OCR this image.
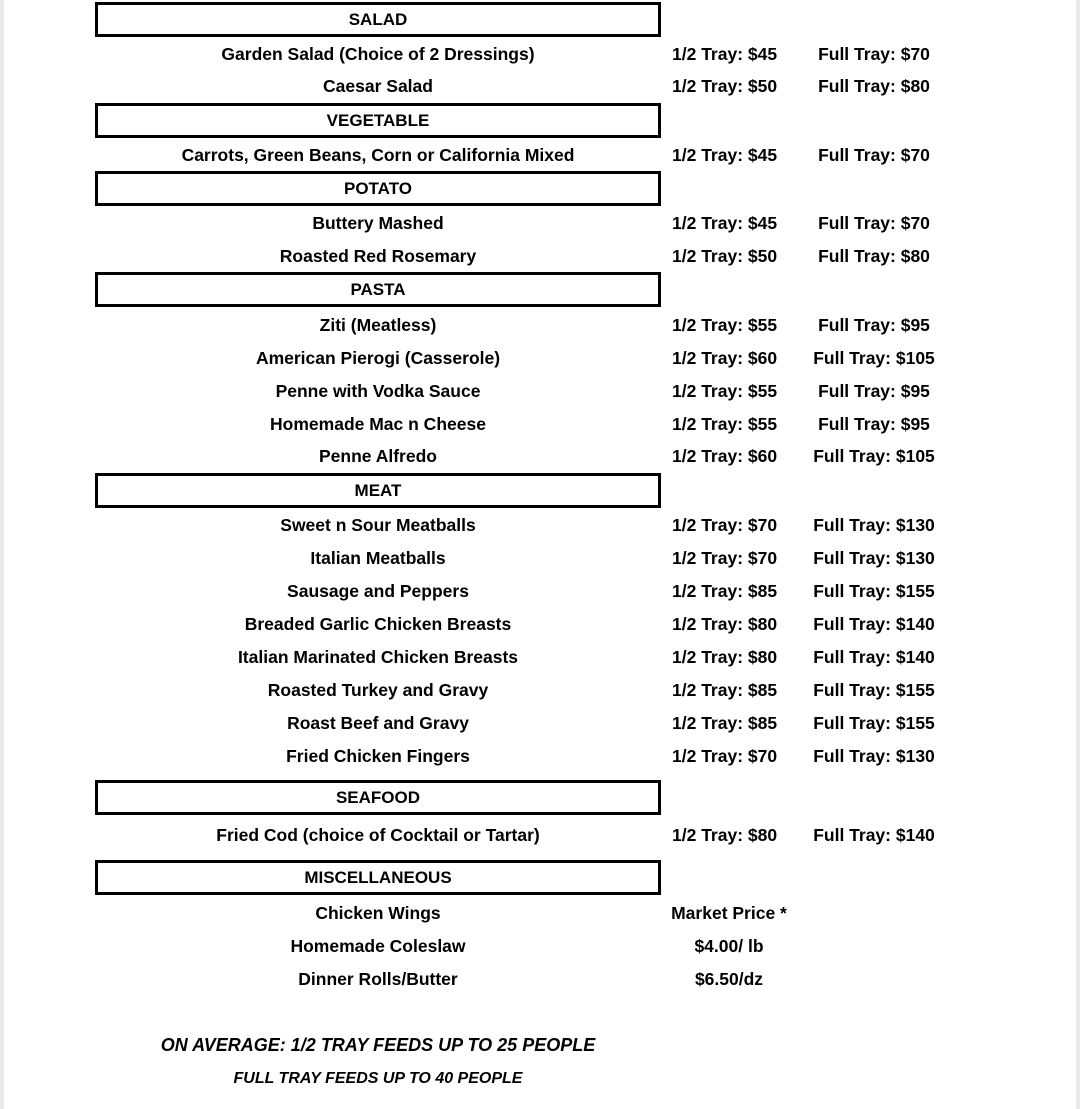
SALAD
Garden Salad (Choice of 2 Dressings)	1/2 Tray: $45	Full Tray: $70
Caesar Salad	1/2 Tray: $50	Full Tray: $80
VEGETABLE
Carrots, Green Beans, Corn or California Mixed	1/2 Tray: $45	Full Tray: $70
POTATO
Buttery Mashed	1/2 Tray: $45	Full Tray: $70
Roasted Red Rosemary	1/2 Tray: $50	Full Tray: $80
PASTA
Ziti (Meatless)	1/2 Tray: $55	Full Tray: $95
American Pierogi (Casserole)	1/2 Tray: $60	Full Tray: $105
Penne with Vodka Sauce	1/2 Tray: $55	Full Tray: $95
Homemade Mac n Cheese	1/2 Tray: $55	Full Tray: $95
Penne Alfredo	1/2 Tray: $60	Full Tray: $105
MEAT
Sweet n Sour Meatballs	1/2 Tray: $70	Full Tray: $130
Italian Meatballs	1/2 Tray: $70	Full Tray: $130
Sausage and Peppers	1/2 Tray: $85	Full Tray: $155
Breaded Garlic Chicken Breasts	1/2 Tray: $80	Full Tray: $140
Italian Marinated Chicken Breasts	1/2 Tray: $80	Full Tray: $140
Roasted Turkey and Gravy	1/2 Tray: $85	Full Tray: $155
Roast Beef and Gravy	1/2 Tray: $85	Full Tray: $155
Fried Chicken Fingers	1/2 Tray: $70	Full Tray: $130
SEAFOOD
Fried Cod (choice of Cocktail or Tartar)	1/2 Tray: $80	Full Tray: $140
MISCELLANEOUS
Chicken Wings	Market Price *
Homemade Coleslaw	$4.00/ lb
Dinner Rolls/Butter	$6.50/dz
ON AVERAGE: 1/2 TRAY FEEDS UP TO 25 PEOPLE
FULL TRAY FEEDS UP TO 40 PEOPLE
